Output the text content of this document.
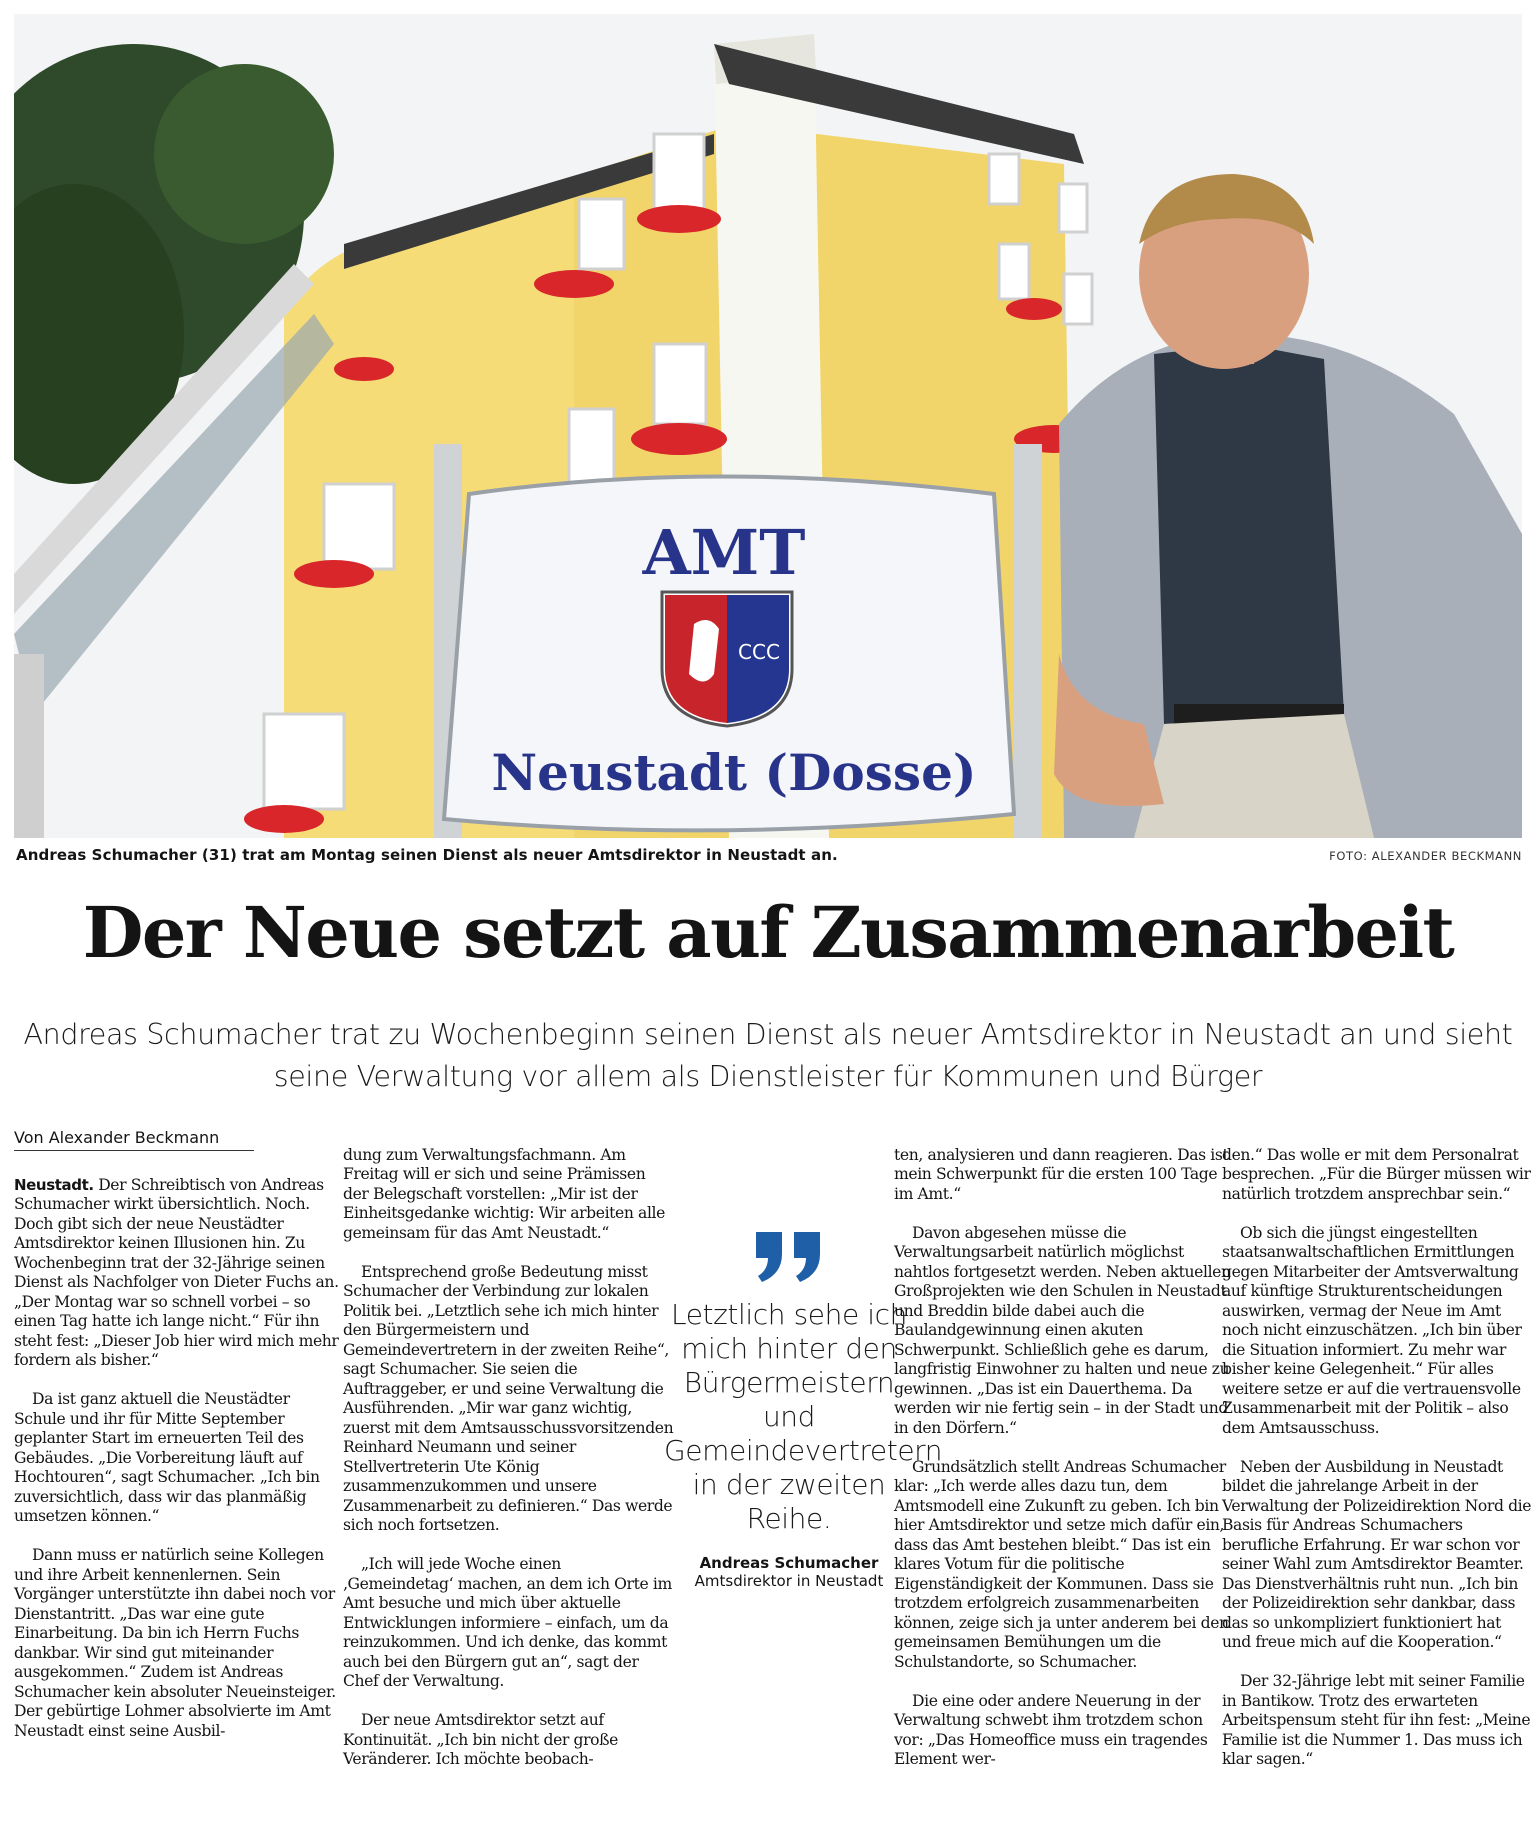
AMT
CCC
Neustadt (Dosse)
Andreas Schumacher (31) trat am Montag seinen Dienst als neuer Amtsdirektor in Neustadt an.	FOTO: ALEXANDER BECKMANN
Der Neue setzt auf Zusammenarbeit
Andreas Schumacher trat zu Wochenbeginn seinen Dienst als neuer Amtsdirektor in Neustadt an und sieht seine Verwaltung vor allem als Dienstleister für Kommunen und Bürger
Von Alexander Beckmann

Neustadt. Der Schreibtisch von Andreas Schumacher wirkt übersichtlich. Noch. Doch gibt sich der neue Neustädter Amtsdirektor keinen Illusionen hin. Zu Wochenbeginn trat der 32-Jährige seinen Dienst als Nachfolger von Dieter Fuchs an. „Der Montag war so schnell vorbei – so einen Tag hatte ich lange nicht.“ Für ihn steht fest: „Dieser Job hier wird mich mehr fordern als bisher.“

Da ist ganz aktuell die Neustädter Schule und ihr für Mitte September geplanter Start im erneuerten Teil des Gebäudes. „Die Vorbereitung läuft auf Hochtouren“, sagt Schumacher. „Ich bin zuversichtlich, dass wir das planmäßig umsetzen können.“

Dann muss er natürlich seine Kollegen und ihre Arbeit kennenlernen. Sein Vorgänger unterstützte ihn dabei noch vor Dienstantritt. „Das war eine gute Einarbeitung. Da bin ich Herrn Fuchs dankbar. Wir sind gut miteinander ausgekommen.“ Zudem ist Andreas Schumacher kein absoluter Neueinsteiger. Der gebürtige Lohmer absolvierte im Amt Neustadt einst seine Ausbil-

dung zum Verwaltungsfachmann. Am Freitag will er sich und seine Prämissen der Belegschaft vorstellen: „Mir ist der Einheitsgedanke wichtig: Wir arbeiten alle gemeinsam für das Amt Neustadt.“

Entsprechend große Bedeutung misst Schumacher der Verbindung zur lokalen Politik bei. „Letztlich sehe ich mich hinter den Bürgermeistern und Gemeindevertretern in der zweiten Reihe“, sagt Schumacher. Sie seien die Auftraggeber, er und seine Verwaltung die Ausführenden. „Mir war ganz wichtig, zuerst mit dem Amtsausschussvorsitzenden Reinhard Neumann und seiner Stellvertreterin Ute König zusammenzukommen und unsere Zusammenarbeit zu definieren.“ Das werde sich noch fortsetzen.

„Ich will jede Woche einen ‚Gemeindetag‘ machen, an dem ich Orte im Amt besuche und mich über aktuelle Entwicklungen informiere – einfach, um da reinzukommen. Und ich denke, das kommt auch bei den Bürgern gut an“, sagt der Chef der Verwaltung.

Der neue Amtsdirektor setzt auf Kontinuität. „Ich bin nicht der große Veränderer. Ich möchte beobach-

Letztlich sehe ich mich hinter den Bürgermeistern und Gemeindevertretern in der zweiten Reihe.
Andreas Schumacher
Amtsdirektor in Neustadt

ten, analysieren und dann reagieren. Das ist mein Schwerpunkt für die ersten 100 Tage im Amt.“

Davon abgesehen müsse die Verwaltungsarbeit natürlich möglichst nahtlos fortgesetzt werden. Neben aktuellen Großprojekten wie den Schulen in Neustadt und Breddin bilde dabei auch die Baulandgewinnung einen akuten Schwerpunkt. Schließlich gehe es darum, langfristig Einwohner zu halten und neue zu gewinnen. „Das ist ein Dauerthema. Da werden wir nie fertig sein – in der Stadt und in den Dörfern.“

Grundsätzlich stellt Andreas Schumacher klar: „Ich werde alles dazu tun, dem Amtsmodell eine Zukunft zu geben. Ich bin hier Amtsdirektor und setze mich dafür ein, dass das Amt bestehen bleibt.“ Das ist ein klares Votum für die politische Eigenständigkeit der Kommunen. Dass sie trotzdem erfolgreich zusammenarbeiten können, zeige sich ja unter anderem bei den gemeinsamen Bemühungen um die Schulstandorte, so Schumacher.

Die eine oder andere Neuerung in der Verwaltung schwebt ihm trotzdem schon vor: „Das Homeoffice muss ein tragendes Element wer-

den.“ Das wolle er mit dem Personalrat besprechen. „Für die Bürger müssen wir natürlich trotzdem ansprechbar sein.“

Ob sich die jüngst eingestellten staatsanwaltschaftlichen Ermittlungen gegen Mitarbeiter der Amtsverwaltung auf künftige Strukturentscheidungen auswirken, vermag der Neue im Amt noch nicht einzuschätzen. „Ich bin über die Situation informiert. Zu mehr war bisher keine Gelegenheit.“ Für alles weitere setze er auf die vertrauensvolle Zusammenarbeit mit der Politik – also dem Amtsausschuss.

Neben der Ausbildung in Neustadt bildet die jahrelange Arbeit in der Verwaltung der Polizeidirektion Nord die Basis für Andreas Schumachers berufliche Erfahrung. Er war schon vor seiner Wahl zum Amtsdirektor Beamter. Das Dienstverhältnis ruht nun. „Ich bin der Polizeidirektion sehr dankbar, dass das so unkompliziert funktioniert hat und freue mich auf die Kooperation.“

Der 32-Jährige lebt mit seiner Familie in Bantikow. Trotz des erwarteten Arbeitspensum steht für ihn fest: „Meine Familie ist die Nummer 1. Das muss ich klar sagen.“
